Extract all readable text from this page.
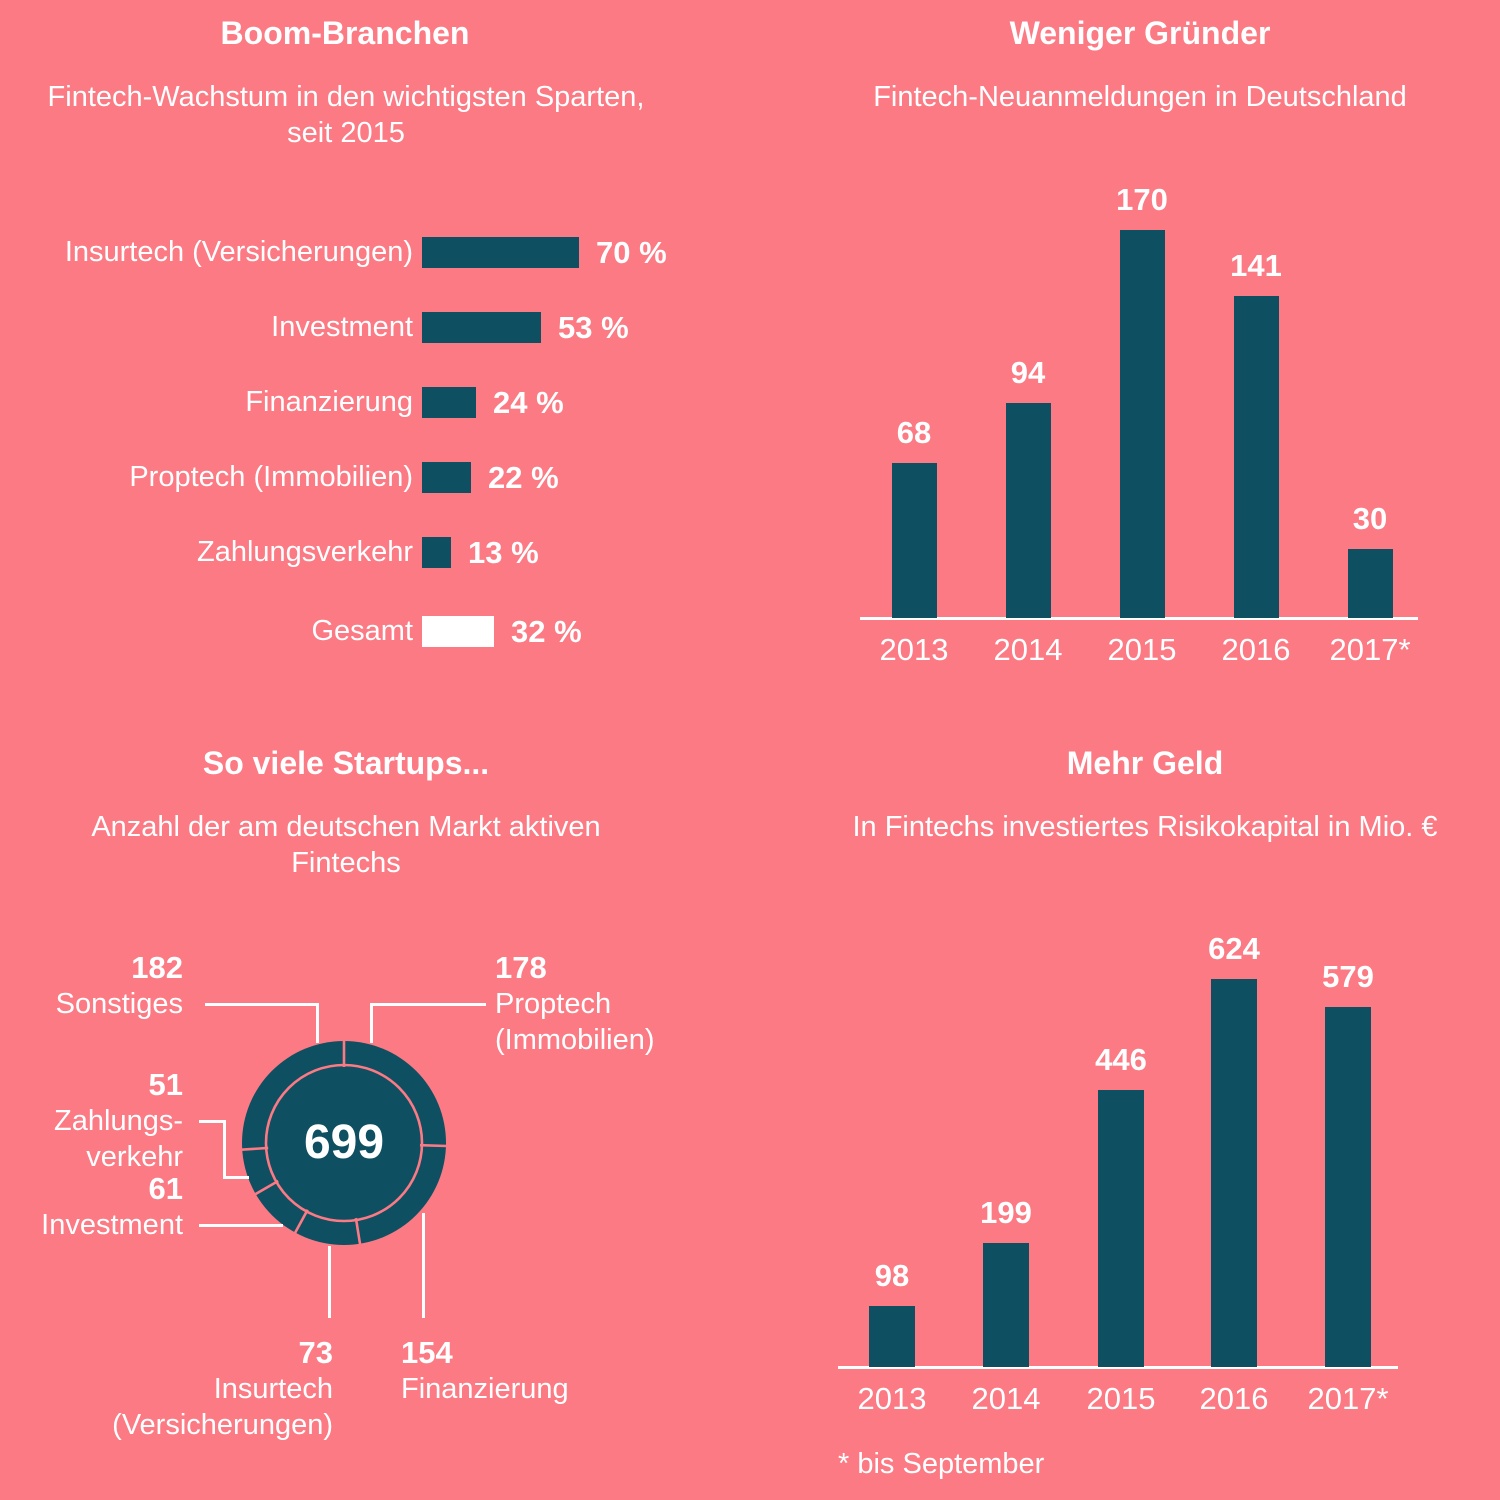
Boom-Branchen
Fintech-Wachstum in den wichtigsten Sparten,
seit 2015
Insurtech (Versicherungen)	70 %
Investment	53 %
Finanzierung	24 %
Proptech (Immobilien) 22 %
Zahlungsverkehr 13 %
Gesamt	32 %
Weniger Gründer
Fintech-Neuanmeldungen in Deutschland
68
2013
94
2014
170
2015
141
2016
30
2017*
So viele Startups...
Anzahl der am deutschen Markt aktiven
Fintechs
699
182
Sonstiges
178
Proptech
(Immobilien)
51
Zahlungs-
verkehr
61
Investment
73
Insurtech
(Versicherungen)
154
Finanzierung
Mehr Geld
In Fintechs investiertes Risikokapital in Mio. €
98
2013
199
2014
446
2015
624
2016
579
2017*
* bis September
